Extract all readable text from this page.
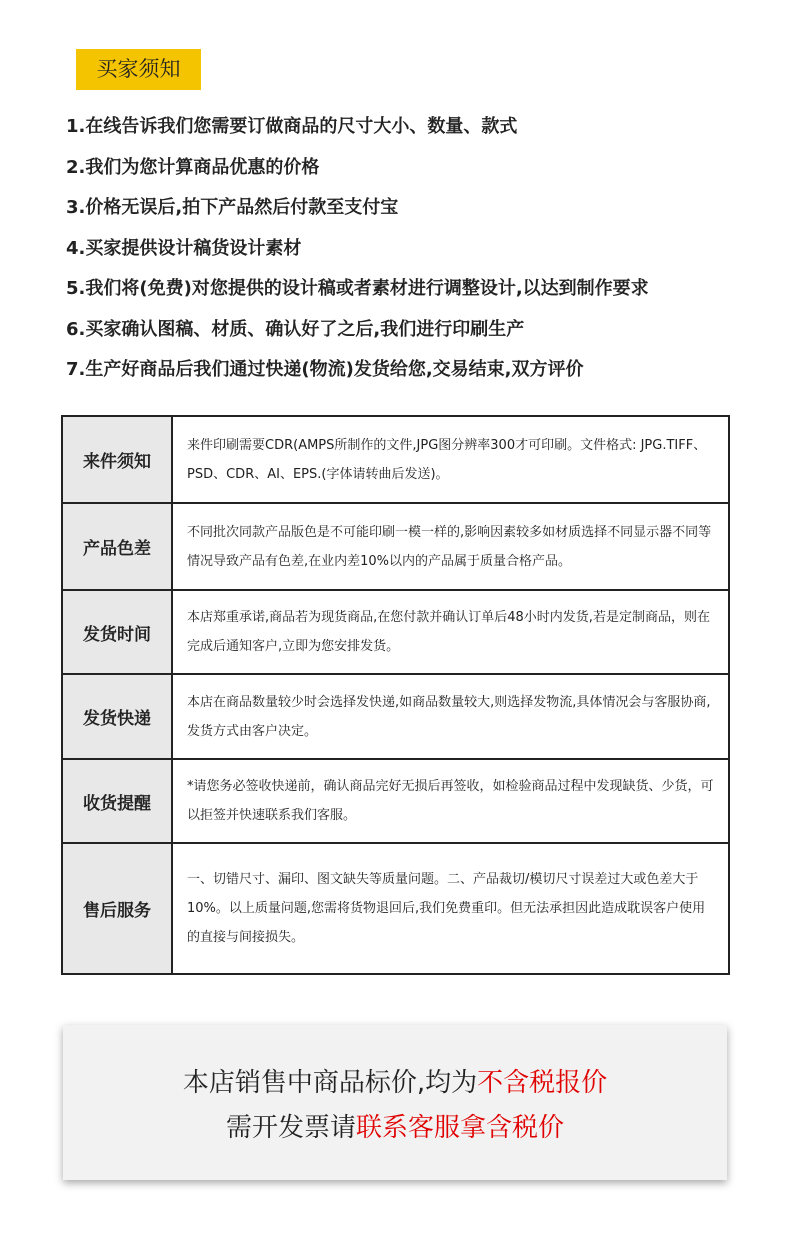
买家须知
1.在线告诉我们您需要订做商品的尺寸大小、数量、款式
2.我们为您计算商品优惠的价格
3.价格无误后,拍下产品然后付款至支付宝
4.买家提供设计稿货设计素材
5.我们将(免费)对您提供的设计稿或者素材进行调整设计,以达到制作要求
6.买家确认图稿、材质、确认好了之后,我们进行印刷生产
7.生产好商品后我们通过快递(物流)发货给您,交易结束,双方评价
来件须知	来件印刷需要CDR(AMPS所制作的文件,JPG图分辨率300才可印刷。文件格式: JPG.TIFF、PSD、CDR、AI、EPS.(字体请转曲后发送)。
产品色差	不同批次同款产品版色是不可能印刷一模一样的,影响因素较多如材质选择不同显示器不同等情况导致产品有色差,在业内差10%以内的产品属于质量合格产品。
发货时间	本店郑重承诺,商品若为现货商品,在您付款并确认订单后48小时内发货,若是定制商品，则在完成后通知客户,立即为您安排发货。
发货快递	本店在商品数量较少时会选择发快递,如商品数量较大,则选择发物流,具体情况会与客服协商,发货方式由客户决定。
收货提醒	*请您务必签收快递前，确认商品完好无损后再签收，如检验商品过程中发现缺货、少货，可以拒签并快速联系我们客服。
售后服务	一、切错尺寸、漏印、图文缺失等质量问题。二、产品裁切/模切尺寸误差过大或色差大于10%。以上质量问题,您需将货物退回后,我们免费重印。但无法承担因此造成耽误客户使用的直接与间接损失。
本店销售中商品标价,均为不含税报价
需开发票请联系客服拿含税价
